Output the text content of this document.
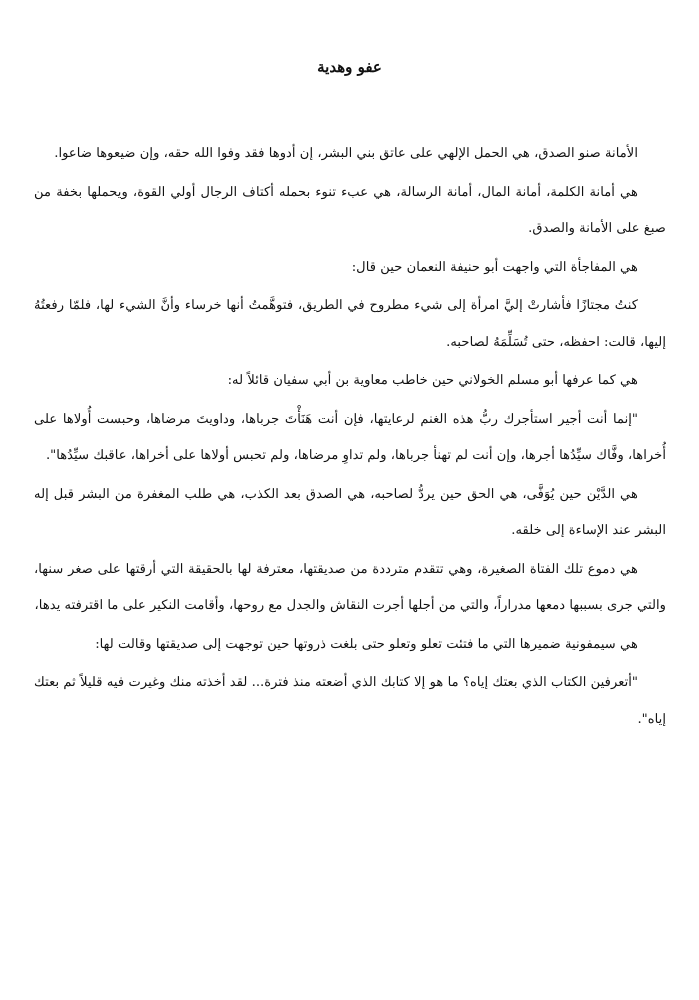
عفو وهدية

الأمانة صنو الصدق، هي الحمل الإلهي على عاتق بني البشر، إن أدوها فقد وفوا الله حقه، وإن ضيعوها ضاعوا.

هي أمانة الكلمة، أمانة المال، أمانة الرسالة، هي عبء تنوء بحمله أكتاف الرجال أولي القوة، ويحملها بخفة من صبغ على الأمانة والصدق.

هي المفاجأة التي واجهت أبو حنيفة النعمان حين قال:

كنتُ مجتازًا فأشارتْ إليَّ امرأة إلى شيء مطروح في الطريق، فتوهَّمتُ أنها خرساء وأنَّ الشيء لها، فلمّا رفعتُهُ إليها، قالت: احفظه، حتى تُسَلِّمَهُ لصاحبه.

هي كما عرفها أبو مسلم الخولاني حين خاطب معاوية بن أبي سفيان قائلاً له:

"إنما أنت أجير استأجرك ربُّ هذه الغنم لرعايتها، فإن أنت هَنَأْتَ جرباها، وداويتَ مرضاها، وحبست أُولاها على أُخراها، وفَّاك سيِّدُها أجرها، وإن أنت لم تهنأ جرباها، ولم تداوِ مرضاها، ولم تحبس أولاها على أخراها، عاقبك سيِّدُها".

هي الدَّيْن حين يُوَفَّى، هي الحق حين يردُّ لصاحبه، هي الصدق بعد الكذب، هي طلب المغفرة من البشر قبل إله البشر عند الإساءة إلى خلقه.

هي دموع تلك الفتاة الصغيرة، وهي تتقدم مترددة من صديقتها، معترفة لها بالحقيقة التي أرقتها على صغر سنها، والتي جرى بسببها دمعها مدراراً، والتي من أجلها أجرت النقاش والجدل مع روحها، وأقامت النكير على ما اقترفته يدها،

هي سيمفونية ضميرها التي ما فتئت تعلو وتعلو حتى بلغت ذروتها حين توجهت إلى صديقتها وقالت لها:

"أتعرفين الكتاب الذي بعتك إياه؟ ما هو إلا كتابك الذي أضعته منذ فترة... لقد أخذته منك وغيرت فيه قليلاً ثم بعتك إياه".
